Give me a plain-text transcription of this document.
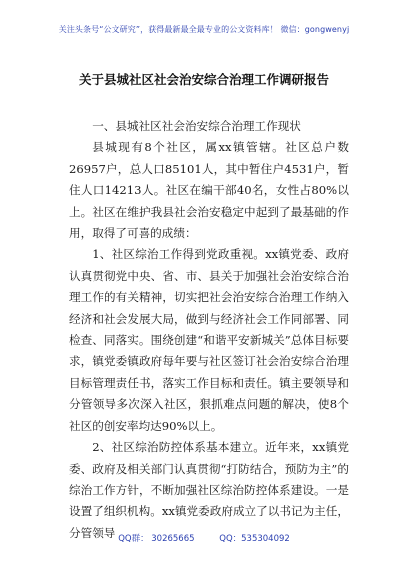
关注头条号“公文研究”，获得最新最全最专业的公文资料库！ 微信：gongwenyj
关于县城社区社会治安综合治理工作调研报告

一、县城社区社会治安综合治理工作现状

县城现有8个社区，属xx镇管辖。社区总户数26957户，总人口85101人，其中暂住户4531户，暂住人口14213人。社区在编干部40名，女性占80%以上。社区在维护我县社会治安稳定中起到了最基础的作用，取得了可喜的成绩：

1、社区综治工作得到党政重视。xx镇党委、政府认真贯彻党中央、省、市、县关于加强社会治安综合治理工作的有关精神，切实把社会治安综合治理工作纳入经济和社会发展大局，做到与经济社会工作同部署、同检查、同落实。围绕创建“和谐平安新城关”总体目标要求，镇党委镇政府每年要与社区签订社会治安综合治理目标管理责任书，落实工作目标和责任。镇主要领导和分管领导多次深入社区，狠抓难点问题的解决，使8个社区的创安率均达90%以上。

2、社区综治防控体系基本建立。近年来，xx镇党委、政府及相关部门认真贯彻“打防结合，预防为主”的综治工作方针，不断加强社区综治防控体系建设。一是设置了组织机构。xx镇党委政府成立了以书记为主任，分管领导 QQ群： 30265665	QQ：535304092
